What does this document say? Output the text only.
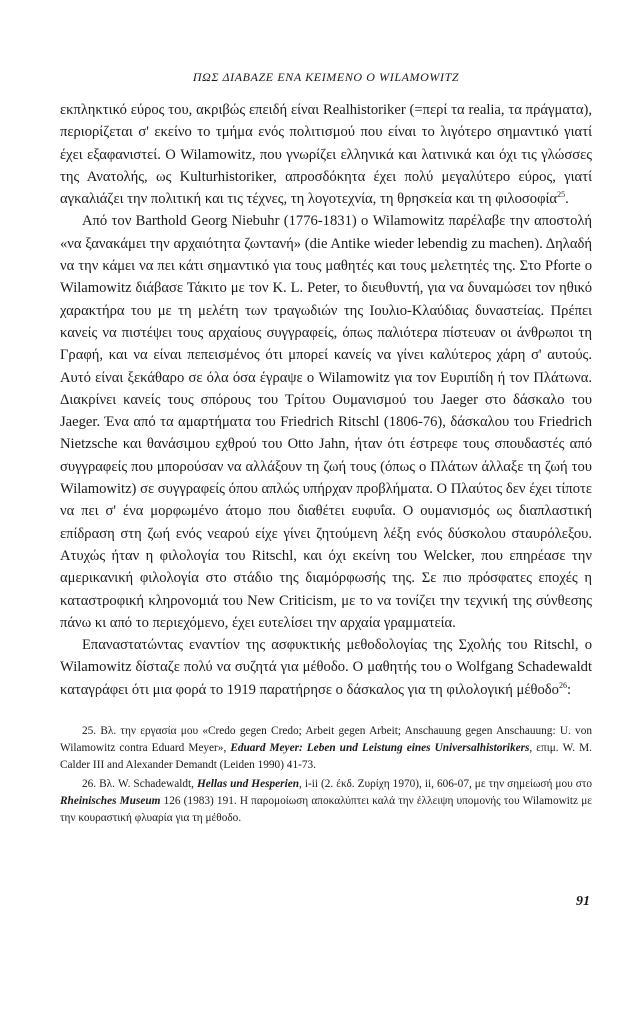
ΠΩΣ ΔΙΑΒΑΖΕ ΕΝΑ ΚΕΙΜΕΝΟ Ο WILAMOWITZ

εκπληκτικό εύρος του, ακριβώς επειδή είναι Realhistoriker (=περί τα realia, τα πράγματα), περιορίζεται σ' εκείνο το τμήμα ενός πολιτισμού που είναι το λιγότερο σημαντικό γιατί έχει εξαφανιστεί. Ο Wilamowitz, που γνωρίζει ελληνικά και λατινικά και όχι τις γλώσσες της Ανατολής, ως Kulturhistoriker, απροσδόκητα έχει πολύ μεγαλύτερο εύρος, γιατί αγκαλιάζει την πολιτική και τις τέχνες, τη λογοτεχνία, τη θρησκεία και τη φιλοσοφία$^{25}$.

Από τον Barthold Georg Niebuhr (1776-1831) ο Wilamowitz παρέλαβε την αποστολή «να ξανακάμει την αρχαιότητα ζωντανή» (die Antike wieder lebendig zu machen). Δηλαδή να την κάμει να πει κάτι σημαντικό για τους μαθητές και τους μελετητές της. Στο Pforte ο Wilamowitz διάβασε Τάκιτο με τον K. L. Peter, το διευθυντή, για να δυναμώσει τον ηθικό χαρακτήρα του με τη μελέτη των τραγωδιών της Ιουλιο-Κλαύδιας δυναστείας. Πρέπει κανείς να πιστέψει τους αρχαίους συγγραφείς, όπως παλιότερα πίστευαν οι άνθρωποι τη Γραφή, και να είναι πεπεισμένος ότι μπορεί κανείς να γίνει καλύτερος χάρη σ' αυτούς. Αυτό είναι ξεκάθαρο σε όλα όσα έγραψε ο Wilamowitz για τον Ευριπίδη ή τον Πλάτωνα. Διακρίνει κανείς τους σπόρους του Τρίτου Ουμανισμού του Jaeger στο δάσκαλο του Jaeger. Ένα από τα αμαρτήματα του Friedrich Ritschl (1806-76), δάσκαλου του Friedrich Nietzsche και θανάσιμου εχθρού του Otto Jahn, ήταν ότι έστρεφε τους σπουδαστές από συγγραφείς που μπορούσαν να αλλάξουν τη ζωή τους (όπως ο Πλάτων άλλαξε τη ζωή του Wilamowitz) σε συγγραφείς όπου απλώς υπήρχαν προβλήματα. Ο Πλαύτος δεν έχει τίποτε να πει σ' ένα μορφωμένο άτομο που διαθέτει ευφυΐα. Ο ουμανισμός ως διαπλαστική επίδραση στη ζωή ενός νεαρού είχε γίνει ζητούμενη λέξη ενός δύσκολου σταυρόλεξου. Ατυχώς ήταν η φιλολογία του Ritschl, και όχι εκείνη του Welcker, που επηρέασε την αμερικανική φιλολογία στο στάδιο της διαμόρφωσής της. Σε πιο πρόσφατες εποχές η καταστροφική κληρονομιά του New Criticism, με το να τονίζει την τεχνική της σύνθεσης πάνω κι από το περιεχόμενο, έχει ευτελίσει την αρχαία γραμματεία.

Επαναστατώντας εναντίον της ασφυκτικής μεθοδολογίας της Σχολής του Ritschl, ο Wilamowitz δίσταζε πολύ να συζητά για μέθοδο. Ο μαθητής του ο Wolfgang Schadewaldt καταγράφει ότι μια φορά το 1919 παρατήρησε ο δάσκαλος για τη φιλολογική μέθοδο$^{26}$:

25. Βλ. την εργασία μου «Credo gegen Credo; Arbeit gegen Arbeit; Anschauung gegen Anschauung: U. von Wilamowitz contra Eduard Meyer», Eduard Meyer: Leben und Leistung eines Universalhistorikers, επιμ. W. M. Calder III and Alexander Demandt (Leiden 1990) 41-73.

26. Βλ. W. Schadewaldt, Hellas und Hesperien, i-ii (2. έκδ. Ζυρίχη 1970), ii, 606-07, με την σημείωσή μου στο Rheinisches Museum 126 (1983) 191. Η παρομοίωση αποκαλύπτει καλά την έλλειψη υπομονής του Wilamowitz με την κουραστική φλυαρία για τη μέθοδο.

91
